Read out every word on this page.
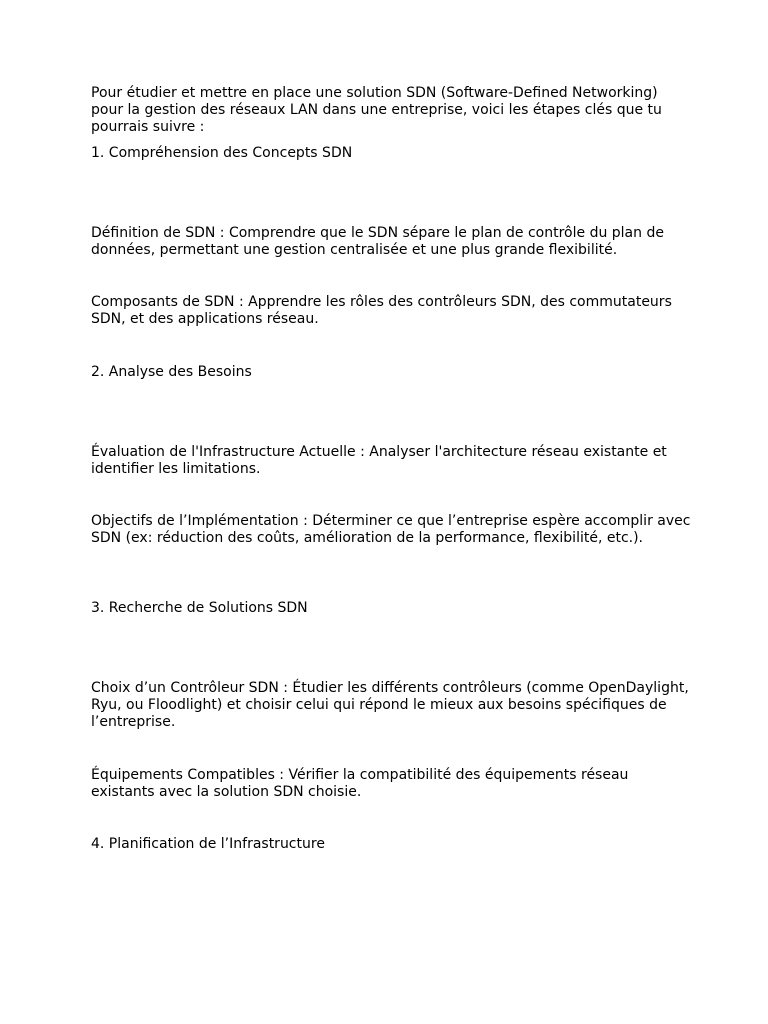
Pour étudier et mettre en place une solution SDN (Software-Defined Networking) pour la gestion des réseaux LAN dans une entreprise, voici les étapes clés que tu pourrais suivre :

1. Compréhension des Concepts SDN

Définition de SDN : Comprendre que le SDN sépare le plan de contrôle du plan de données, permettant une gestion centralisée et une plus grande flexibilité.

Composants de SDN : Apprendre les rôles des contrôleurs SDN, des commutateurs SDN, et des applications réseau.

2. Analyse des Besoins

Évaluation de l'Infrastructure Actuelle : Analyser l'architecture réseau existante et identifier les limitations.

Objectifs de l’Implémentation : Déterminer ce que l’entreprise espère accomplir avec SDN (ex: réduction des coûts, amélioration de la performance, flexibilité, etc.).

3. Recherche de Solutions SDN

Choix d’un Contrôleur SDN : Étudier les différents contrôleurs (comme OpenDaylight, Ryu, ou Floodlight) et choisir celui qui répond le mieux aux besoins spécifiques de l’entreprise.

Équipements Compatibles : Vérifier la compatibilité des équipements réseau existants avec la solution SDN choisie.

4. Planification de l’Infrastructure
